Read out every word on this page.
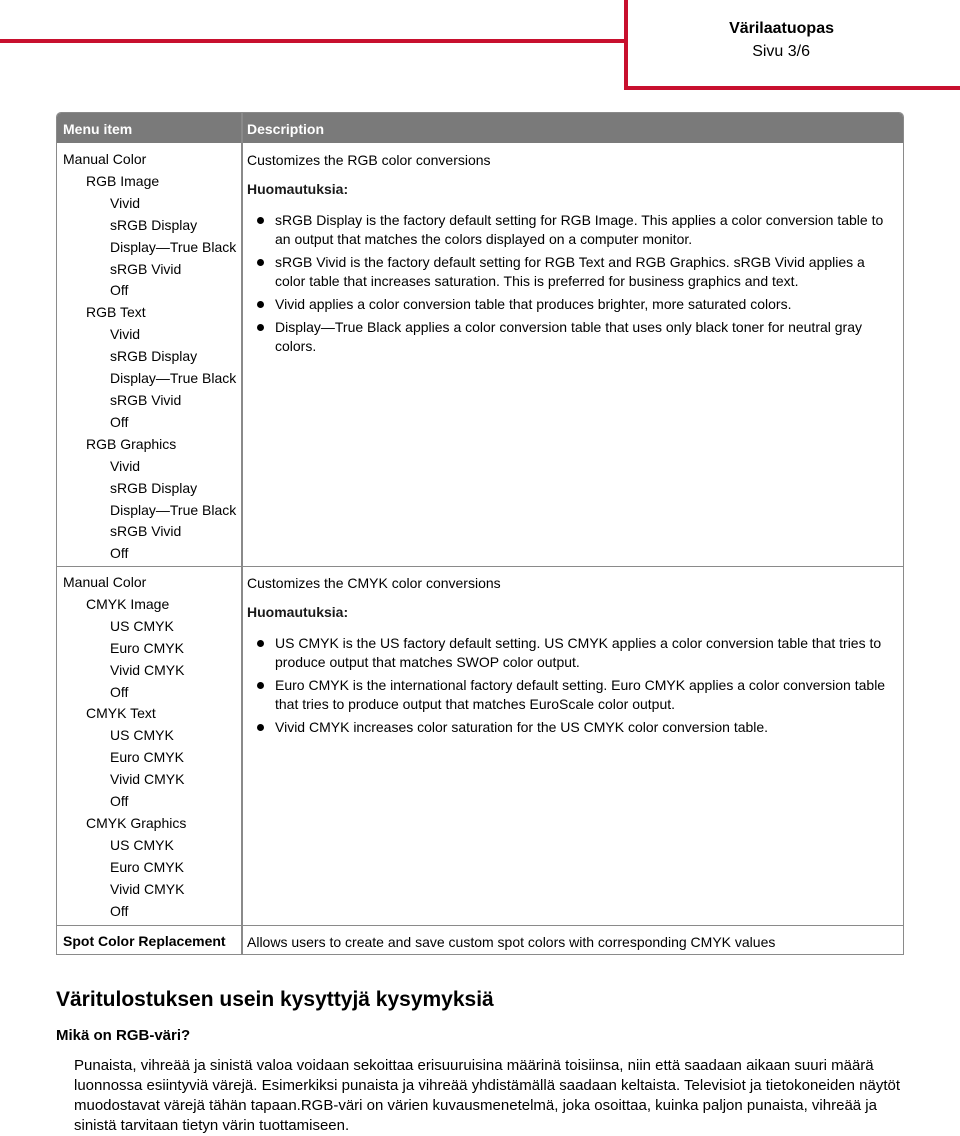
Värilaatuopas
Sivu 3/6
Menu item	Description
Manual Color
RGB Image
Vivid
sRGB Display
Display—True Black
sRGB Vivid
Off
RGB Text
Vivid
sRGB Display
Display—True Black
sRGB Vivid
Off
RGB Graphics
Vivid
sRGB Display
Display—True Black
sRGB Vivid
Off
Customizes the RGB color conversions
Huomautuksia:
sRGB Display is the factory default setting for RGB Image. This applies a color conversion table to an output that matches the colors displayed on a computer monitor.
sRGB Vivid is the factory default setting for RGB Text and RGB Graphics. sRGB Vivid applies a color table that increases saturation. This is preferred for business graphics and text.
Vivid applies a color conversion table that produces brighter, more saturated colors.
Display—True Black applies a color conversion table that uses only black toner for neutral gray colors.
Manual Color
CMYK Image
US CMYK
Euro CMYK
Vivid CMYK
Off
CMYK Text
US CMYK
Euro CMYK
Vivid CMYK
Off
CMYK Graphics
US CMYK
Euro CMYK
Vivid CMYK
Off
Customizes the CMYK color conversions
Huomautuksia:
US CMYK is the US factory default setting. US CMYK applies a color conversion table that tries to produce output that matches SWOP color output.
Euro CMYK is the international factory default setting. Euro CMYK applies a color conversion table that tries to produce output that matches EuroScale color output.
Vivid CMYK increases color saturation for the US CMYK color conversion table.
Spot Color Replacement Allows users to create and save custom spot colors with corresponding CMYK values
Väritulostuksen usein kysyttyjä kysymyksiä
Mikä on RGB-väri?
Punaista, vihreää ja sinistä valoa voidaan sekoittaa erisuuruisina määrinä toisiinsa, niin että saadaan aikaan suuri määrä luonnossa esiintyviä värejä. Esimerkiksi punaista ja vihreää yhdistämällä saadaan keltaista. Televisiot ja tietokoneiden näytöt muodostavat värejä tähän tapaan.RGB-väri on värien kuvausmenetelmä, joka osoittaa, kuinka paljon punaista, vihreää ja sinistä tarvitaan tietyn värin tuottamiseen.
